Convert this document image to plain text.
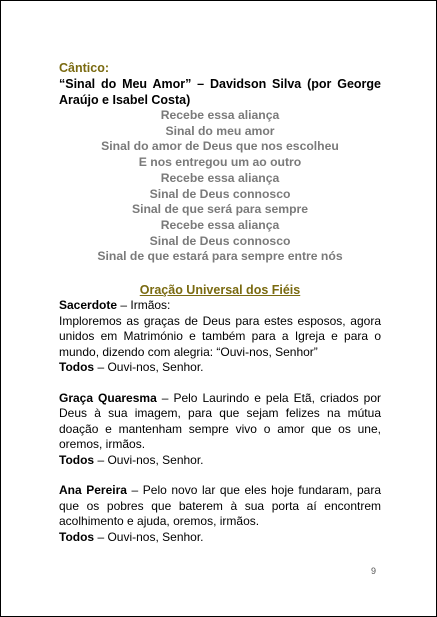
Cântico:
“Sinal do Meu Amor” – Davidson Silva (por George Araújo e Isabel Costa)
Recebe essa aliança
Sinal do meu amor
Sinal do amor de Deus que nos escolheu
E nos entregou um ao outro
Recebe essa aliança
Sinal de Deus connosco
Sinal de que será para sempre
Recebe essa aliança
Sinal de Deus connosco
Sinal de que estará para sempre entre nós
Oração Universal dos Fiéis
Sacerdote – Irmãos:
Imploremos as graças de Deus para estes esposos, agora unidos em Matrimónio e também para a Igreja e para o mundo, dizendo com alegria: “Ouvi-nos, Senhor”
Todos – Ouvi-nos, Senhor.
Graça Quaresma – Pelo Laurindo e pela Etã, criados por Deus à sua imagem, para que sejam felizes na mútua doação e mantenham sempre vivo o amor que os une, oremos, irmãos.
Todos – Ouvi-nos, Senhor.
Ana Pereira – Pelo novo lar que eles hoje fundaram, para que os pobres que baterem à sua porta aí encontrem acolhimento e ajuda, oremos, irmãos.
Todos – Ouvi-nos, Senhor.
9
